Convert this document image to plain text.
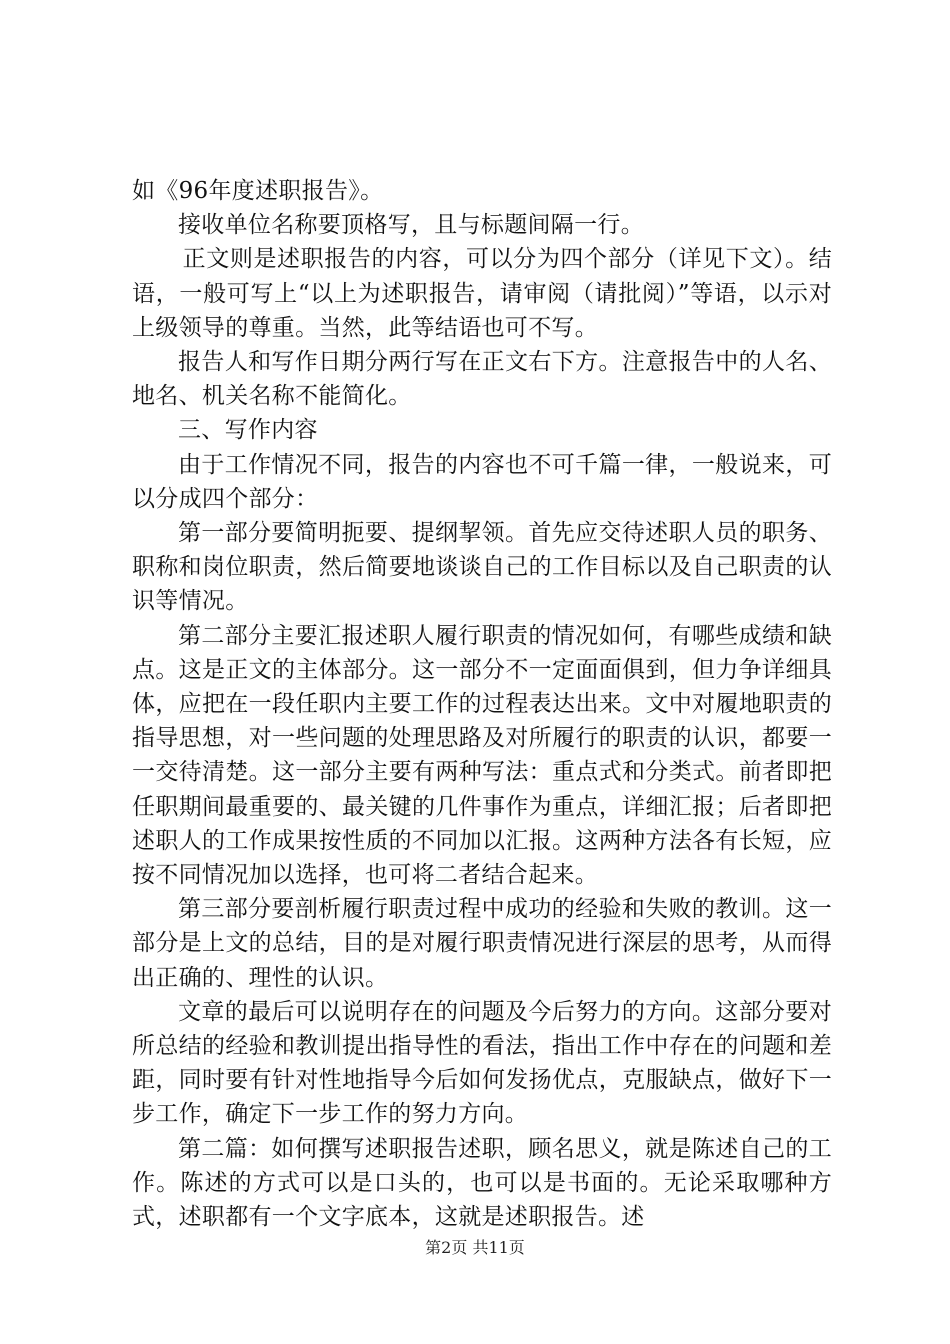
如《96年度述职报告》。

接收单位名称要顶格写，且与标题间隔一行。

正文则是述职报告的内容，可以分为四个部分（详见下文）。结语，一般可写上“以上为述职报告，请审阅（请批阅）”等语，以示对上级领导的尊重。当然，此等结语也可不写。

报告人和写作日期分两行写在正文右下方。注意报告中的人名、地名、机关名称不能简化。

三、写作内容

由于工作情况不同，报告的内容也不可千篇一律，一般说来，可以分成四个部分：

第一部分要简明扼要、提纲挈领。首先应交待述职人员的职务、职称和岗位职责，然后简要地谈谈自己的工作目标以及自己职责的认识等情况。

第二部分主要汇报述职人履行职责的情况如何，有哪些成绩和缺点。这是正文的主体部分。这一部分不一定面面俱到，但力争详细具体，应把在一段任职内主要工作的过程表达出来。文中对履地职责的指导思想，对一些问题的处理思路及对所履行的职责的认识，都要一一交待清楚。这一部分主要有两种写法：重点式和分类式。前者即把任职期间最重要的、最关键的几件事作为重点，详细汇报；后者即把述职人的工作成果按性质的不同加以汇报。这两种方法各有长短，应按不同情况加以选择，也可将二者结合起来。

第三部分要剖析履行职责过程中成功的经验和失败的教训。这一部分是上文的总结，目的是对履行职责情况进行深层的思考，从而得出正确的、理性的认识。

文章的最后可以说明存在的问题及今后努力的方向。这部分要对所总结的经验和教训提出指导性的看法，指出工作中存在的问题和差距，同时要有针对性地指导今后如何发扬优点，克服缺点，做好下一步工作，确定下一步工作的努力方向。

第二篇：如何撰写述职报告述职，顾名思义，就是陈述自己的工作。陈述的方式可以是口头的，也可以是书面的。无论采取哪种方式，述职都有一个文字底本，这就是述职报告。述

第2页 共11页
